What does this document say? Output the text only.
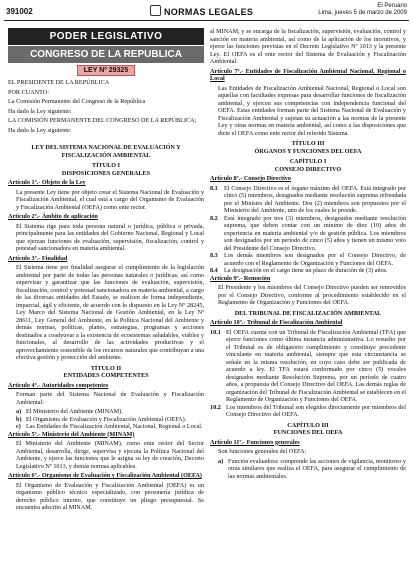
391002	NORMAS LEGALES
El Peruano
Lima, jueves 5 de marzo de 2009
PODER LEGISLATIVO
CONGRESO DE LA REPUBLICA
LEY Nº 29325

EL PRESIDENTE DE LA REPÚBLICA

POR CUANTO:

La Comisión Permanente del Congreso de la República

Ha dado la Ley siguiente:

LA COMISIÓN PERMANENTE DEL CONGRESO DE LA REPÚBLICA;

Ha dado la Ley siguiente:

LEY DEL SISTEMA NACIONAL DE EVALUACIÓN Y FISCALIZACIÓN AMBIENTAL

TÍTULO I

DISPOSICIONES GENERALES

Artículo 1º.- Objeto de la Ley

La presente Ley tiene por objeto crear el Sistema Nacional de Evaluación y Fiscalización Ambiental, el cual está a cargo del Organismo de Evaluación y Fiscalización Ambiental (OEFA) como ente rector.

Artículo 2º.- Ámbito de aplicación

El Sistema rige para toda persona natural o jurídica, pública o privada, principalmente para las entidades del Gobierno Nacional, Regional y Local que ejerzan funciones de evaluación, supervisión, fiscalización, control y potestad sancionadora en materia ambiental.

Artículo 3º.- Finalidad

El Sistema tiene por finalidad asegurar el cumplimiento de la legislación ambiental por parte de todas las personas naturales o jurídicas, así como supervisar y garantizar que las funciones de evaluación, supervisión, fiscalización, control y potestad sancionadora en materia ambiental, a cargo de las diversas entidades del Estado, se realicen de forma independiente, imparcial, ágil y eficiente, de acuerdo con lo dispuesto en la Ley Nº 28245, Ley Marco del Sistema Nacional de Gestión Ambiental, en la Ley Nº 28611, Ley General del Ambiente, en la Política Nacional del Ambiente y demás normas, políticas, planes, estrategias, programas y acciones destinados a coadyuvar a la existencia de ecosistemas saludables, viables y funcionales, al desarrollo de las actividades productivas y el aprovechamiento sostenible de los recursos naturales que contribuyan a una efectiva gestión y protección del ambiente.

TÍTULO II

ENTIDADES COMPETENTES

Artículo 4º.- Autoridades competentes

Forman parte del Sistema Nacional de Evaluación y Fiscalización Ambiental:

a) El Ministerio del Ambiente (MINAM).
b) El Organismo de Evaluación y Fiscalización Ambiental (OEFA).
c) Las Entidades de Fiscalización Ambiental, Nacional, Regional o Local.

Artículo 5º.- Ministerio del Ambiente (MINAM)

El Ministerio del Ambiente (MINAM), como ente rector del Sector Ambiental, desarrolla, dirige, supervisa y ejecuta la Política Nacional del Ambiente, y ejerce las funciones que le asigna su ley de creación, Decreto Legislativo Nº 1013, y demás normas aplicables.

Artículo 6º.- Organismo de Evaluación y Fiscalización Ambiental (OEFA)

El Organismo de Evaluación y Fiscalización Ambiental (OEFA) es un organismo público técnico especializado, con personería jurídica de derecho público interno, que constituye un pliego presupuestal. Se encuentra adscrito al MINAM.

al MINAM, y se encarga de la fiscalización, supervisión, evaluación, control y sanción en materia ambiental, así como de la aplicación de los incentivos, y ejerce las funciones previstas en el Decreto Legislativo Nº 1013 y la presente Ley. El OEFA es el ente rector del Sistema de Evaluación y Fiscalización Ambiental.

Artículo 7º.- Entidades de Fiscalización Ambiental Nacional, Regional o Local

Las Entidades de Fiscalización Ambiental Nacional, Regional o Local son aquellas con facultades expresas para desarrollar funciones de fiscalización ambiental, y ejercen sus competencias con independencia funcional del OEFA. Estas entidades forman parte del Sistema Nacional de Evaluación y Fiscalización Ambiental y sujetan su actuación a las normas de la presente Ley y otras normas en materia ambiental, así como a las disposiciones que dicte el OEFA como ente rector del referido Sistema.

TÍTULO III

ÓRGANOS Y FUNCIONES DEL OEFA

CAPÍTULO I

CONSEJO DIRECTIVO

Artículo 8º.- Consejo Directivo

8.1	El Consejo Directivo es el órgano máximo del OEFA. Está integrado por cinco (5) miembros, designados mediante resolución suprema refrendada por el Ministro del Ambiente. Dos (2) miembros son propuestos por el Ministerio del Ambiente, uno de los cuales lo preside.
8.2	Está integrado por tres (3) miembros, designados mediante resolución suprema, que deben contar con un mínimo de diez (10) años de experiencia en materia ambiental y/o de gestión pública. Los miembros son designados por un período de cinco (5) años y tienen un mismo voto del Presidente del Consejo Directivo.
8.3	Los demás miembros son designados por el Consejo Directivo, de acuerdo con el Reglamento de Organización y Funciones del OEFA.
8.4	La designación en el cargo tiene un plazo de duración de (3) años.

Artículo 9º.- Remoción

El Presidente y los miembros del Consejo Directivo pueden ser removidos por el Consejo Directivo, conforme al procedimiento establecido en el Reglamento de Organización y Funciones del OEFA.

DEL TRIBUNAL DE FISCALIZACIÓN AMBIENTAL

Artículo 10º.- Tribunal de Fiscalización Ambiental

10.1 El OEFA cuenta con un Tribunal de Fiscalización Ambiental (TFA) que ejerce funciones como última instancia administrativa. Lo resuelto por el Tribunal es de obligatorio cumplimiento y constituye precedente vinculante en materia ambiental, siempre que esta circunstancia se señale en la misma resolución, en cuyo caso debe ser publicada de acuerdo a ley. El TFA estará conformado por cinco (5) vocales designados mediante Resolución Suprema, por un período de cuatro años, a propuesta del Consejo Directivo del OEFA. Las demás reglas de organización del Tribunal de Fiscalización Ambiental se establecen en el Reglamento de Organización y Funciones del OEFA.
10.2 Los miembros del Tribunal son elegidos directamente por miembros del Consejo Directivo del OEFA.

CAPÍTULO III

FUNCIONES DEL OEFA

Artículo 11º.- Funciones generales

Son funciones generales del OEFA:

a) Función evaluadora: comprende las acciones de vigilancia, monitoreo y otras similares que realiza el OEFA, para asegurar el cumplimiento de las normas ambientales.
